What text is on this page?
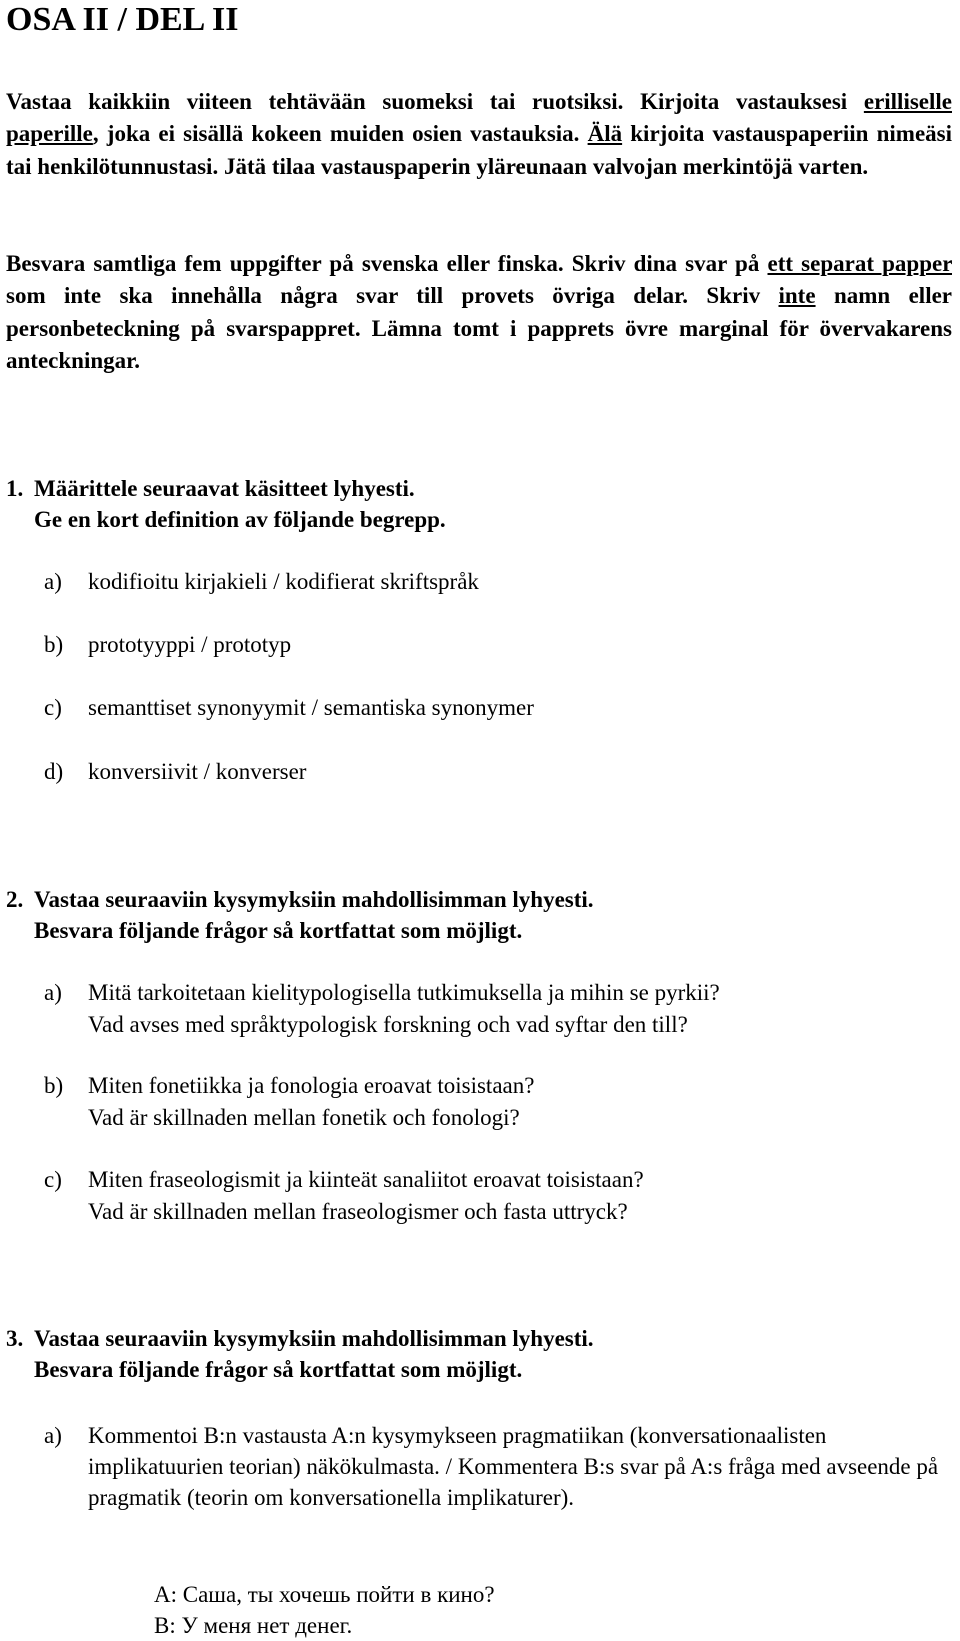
OSA II / DEL II

Vastaa kaikkiin viiteen tehtävään suomeksi tai ruotsiksi. Kirjoita vastauksesi erilliselle paperille, joka ei sisällä kokeen muiden osien vastauksia. Älä kirjoita vastauspaperiin nimeäsi tai henkilötunnustasi. Jätä tilaa vastauspaperin yläreunaan valvojan merkintöjä varten.

Besvara samtliga fem uppgifter på svenska eller finska. Skriv dina svar på ett separat papper som inte ska innehålla några svar till provets övriga delar. Skriv inte namn eller personbeteckning på svarspappret. Lämna tomt i papprets övre marginal för övervakarens anteckningar.

1. Määrittele seuraavat käsitteet lyhyesti.
Ge en kort definition av följande begrepp.
a) kodifioitu kirjakieli / kodifierat skriftspråk
b) prototyyppi / prototyp
c) semanttiset synonyymit / semantiska synonymer
d) konversiivit / konverser
2. Vastaa seuraaviin kysymyksiin mahdollisimman lyhyesti.
Besvara följande frågor så kortfattat som möjligt.
a) Mitä tarkoitetaan kielitypologisella tutkimuksella ja mihin se pyrkii?
Vad avses med språktypologisk forskning och vad syftar den till?
b) Miten fonetiikka ja fonologia eroavat toisistaan?
Vad är skillnaden mellan fonetik och fonologi?
c) Miten fraseologismit ja kiinteät sanaliitot eroavat toisistaan?
Vad är skillnaden mellan fraseologismer och fasta uttryck?
3. Vastaa seuraaviin kysymyksiin mahdollisimman lyhyesti.
Besvara följande frågor så kortfattat som möjligt.
a) Kommentoi B:n vastausta A:n kysymykseen pragmatiikan (konversationaalisten implikatuurien teorian) näkökulmasta. / Kommentera B:s svar på A:s fråga med avseende på pragmatik (teorin om konversationella implikaturer).
A: Саша, ты хочешь пойти в кино?
B: У меня нет денег.
